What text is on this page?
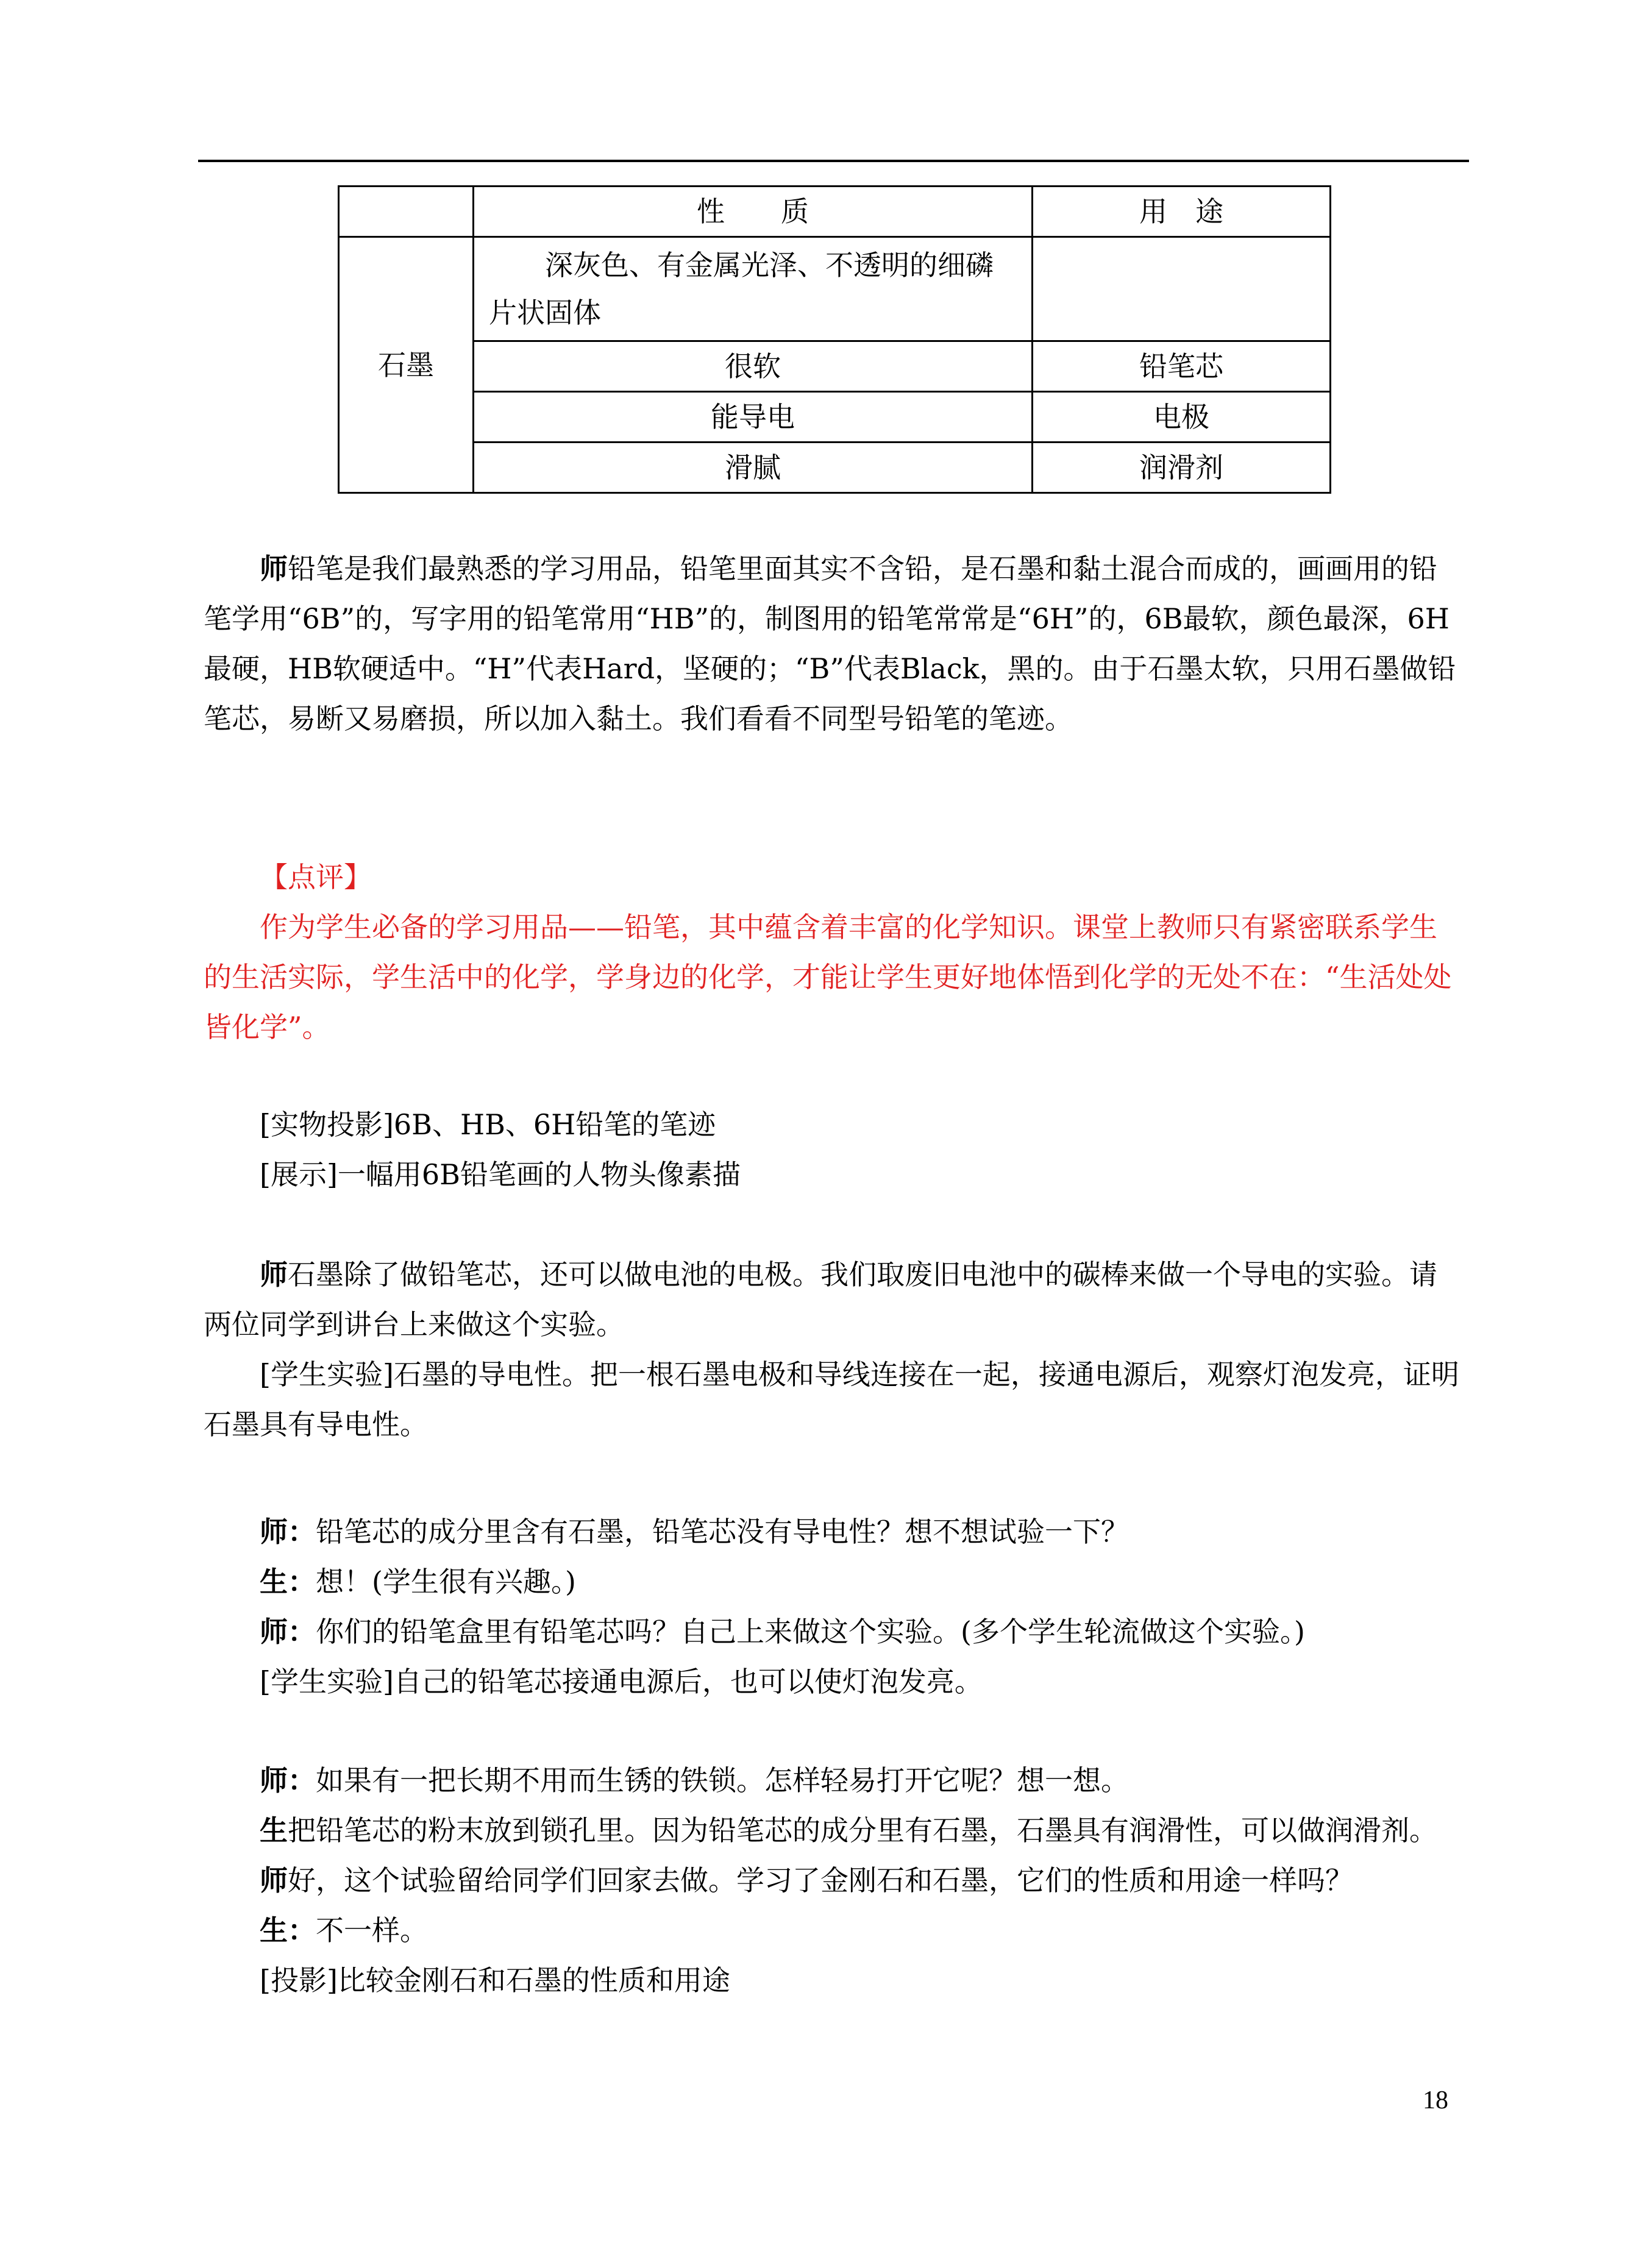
	性　　质	用　途
石墨	深灰色、有金属光泽、不透明的细磷片状固体	
	很软	铅笔芯
	能导电	电极
	滑腻	润滑剂

师铅笔是我们最熟悉的学习用品，铅笔里面其实不含铅，是石墨和黏土混合而成的，画画用的铅笔学用“6B”的，写字用的铅笔常用“HB”的，制图用的铅笔常常是“6H”的，6B最软，颜色最深，6H最硬，HB软硬适中。“H”代表Hard，坚硬的；“B”代表Black，黑的。由于石墨太软，只用石墨做铅笔芯，易断又易磨损，所以加入黏土。我们看看不同型号铅笔的笔迹。

【点评】

作为学生必备的学习用品——铅笔，其中蕴含着丰富的化学知识。课堂上教师只有紧密联系学生的生活实际，学生活中的化学，学身边的化学，才能让学生更好地体悟到化学的无处不在：“生活处处皆化学”。

[实物投影]6B、HB、6H铅笔的笔迹

[展示]一幅用6B铅笔画的人物头像素描

师石墨除了做铅笔芯，还可以做电池的电极。我们取废旧电池中的碳棒来做一个导电的实验。请两位同学到讲台上来做这个实验。

[学生实验]石墨的导电性。把一根石墨电极和导线连接在一起，接通电源后，观察灯泡发亮，证明石墨具有导电性。

师：铅笔芯的成分里含有石墨，铅笔芯没有导电性？想不想试验一下？

生：想！(学生很有兴趣。)

师：你们的铅笔盒里有铅笔芯吗？自己上来做这个实验。(多个学生轮流做这个实验。)

[学生实验]自己的铅笔芯接通电源后，也可以使灯泡发亮。

师：如果有一把长期不用而生锈的铁锁。怎样轻易打开它呢？想一想。

生把铅笔芯的粉末放到锁孔里。因为铅笔芯的成分里有石墨，石墨具有润滑性，可以做润滑剂。

师好，这个试验留给同学们回家去做。学习了金刚石和石墨，它们的性质和用途一样吗？

生：不一样。

[投影]比较金刚石和石墨的性质和用途

18
